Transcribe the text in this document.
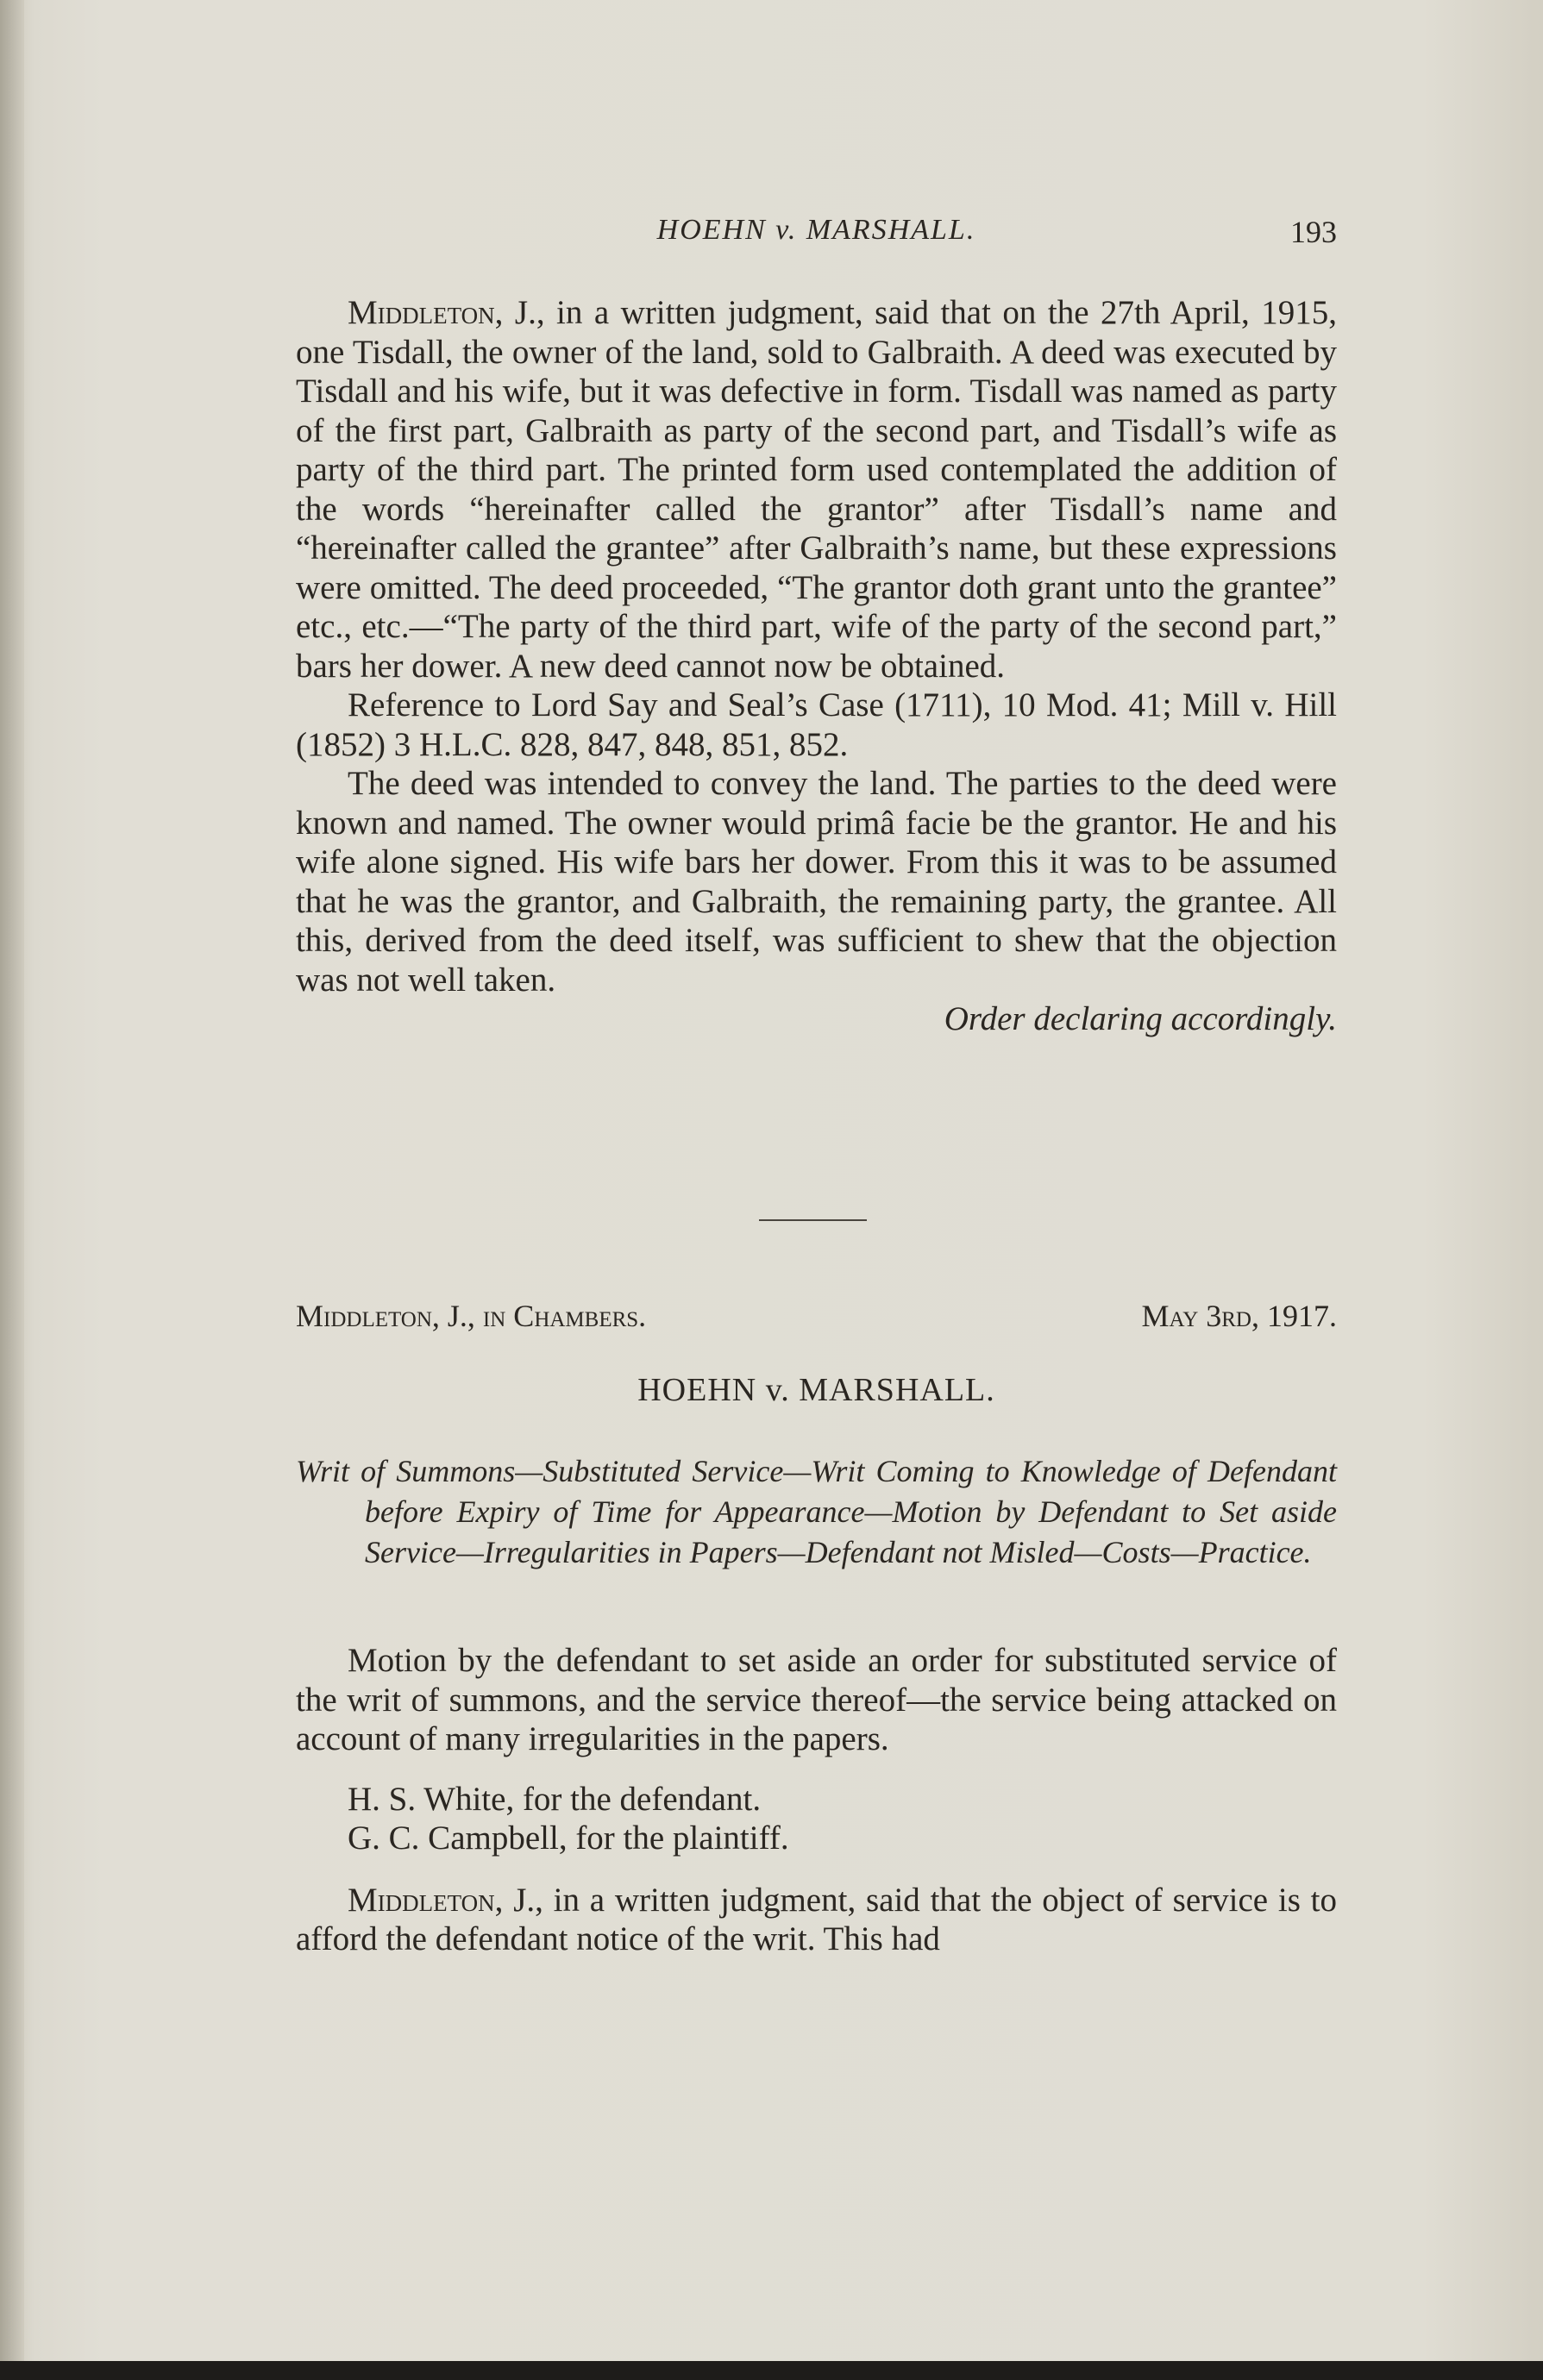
HOEHN v. MARSHALL.	193

Middleton, J., in a written judgment, said that on the 27th April, 1915, one Tisdall, the owner of the land, sold to Galbraith. A deed was executed by Tisdall and his wife, but it was defective in form. Tisdall was named as party of the first part, Galbraith as party of the second part, and Tisdall’s wife as party of the third part. The printed form used contemplated the addition of the words “hereinafter called the grantor” after Tisdall’s name and “hereinafter called the grantee” after Galbraith’s name, but these expressions were omitted. The deed proceeded, “The grantor doth grant unto the grantee” etc., etc.—“The party of the third part, wife of the party of the second part,” bars her dower. A new deed cannot now be obtained.

Reference to Lord Say and Seal’s Case (1711), 10 Mod. 41; Mill v. Hill (1852) 3 H.L.C. 828, 847, 848, 851, 852.

The deed was intended to convey the land. The parties to the deed were known and named. The owner would primâ facie be the grantor. He and his wife alone signed. His wife bars her dower. From this it was to be assumed that he was the grantor, and Galbraith, the remaining party, the grantee. All this, derived from the deed itself, was sufficient to shew that the objection was not well taken.

Order declaring accordingly.

Middleton, J., in Chambers.	May 3rd, 1917.
HOEHN v. MARSHALL.
Writ of Summons—Substituted Service—Writ Coming to Knowledge of Defendant before Expiry of Time for Appearance—Motion by Defendant to Set aside Service—Irregularities in Papers—Defendant not Misled—Costs—Practice.

Motion by the defendant to set aside an order for substituted service of the writ of summons, and the service thereof—the service being attacked on account of many irregularities in the papers.

H. S. White, for the defendant.

G. C. Campbell, for the plaintiff.

Middleton, J., in a written judgment, said that the object of service is to afford the defendant notice of the writ. This had
